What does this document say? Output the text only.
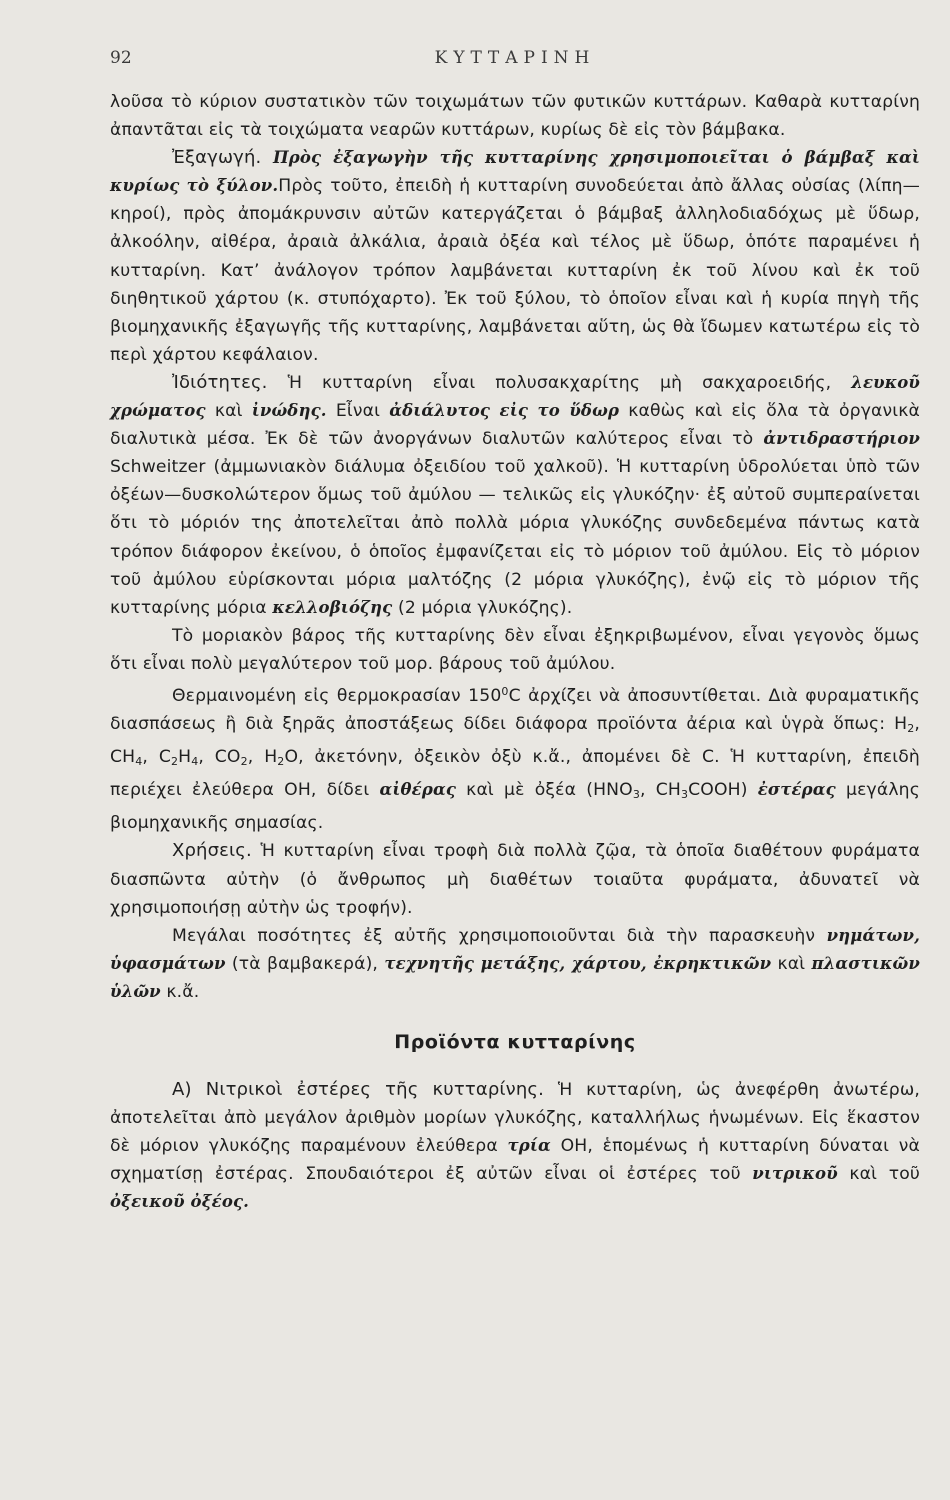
92	ΚΥΤΤΑΡΙΝΗ

λοῦσα τὸ κύριον συστατικὸν τῶν τοιχωμάτων τῶν φυτικῶν κυττάρων. Καθαρὰ κυτταρίνη ἀπαντᾶται εἰς τὰ τοιχώματα νεαρῶν κυττάρων, κυρίως δὲ εἰς τὸν βάμβακα.

Ἐξαγωγή. Πρὸς ἐξαγωγὴν τῆς κυτταρίνης χρησιμοποιεῖται ὁ βάμβαξ καὶ κυρίως τὸ ξύλον.Πρὸς τοῦτο, ἐπειδὴ ἡ κυτταρίνη συνοδεύεται ἀπὸ ἄλλας οὐσίας (λίπη—κηροί), πρὸς ἀπομάκρυνσιν αὐτῶν κατεργάζεται ὁ βάμβαξ ἀλληλοδιαδόχως μὲ ὕδωρ, ἀλκοόλην, αἰθέρα, ἀραιὰ ἀλκάλια, ἀραιὰ ὀξέα καὶ τέλος μὲ ὕδωρ, ὁπότε παραμένει ἡ κυτταρίνη. Κατ’ ἀνάλογον τρόπον λαμβάνεται κυτταρίνη ἐκ τοῦ λίνου καὶ ἐκ τοῦ διηθητικοῦ χάρτου (κ. στυπόχαρτο). Ἐκ τοῦ ξύλου, τὸ ὁποῖον εἶναι καὶ ἡ κυρία πηγὴ τῆς βιομηχανικῆς ἐξαγωγῆς τῆς κυτταρίνης, λαμβάνεται αὕτη, ὡς θὰ ἴδωμεν κατωτέρω εἰς τὸ περὶ χάρτου κεφάλαιον.

Ἰδιότητες. Ἡ κυτταρίνη εἶναι πολυσακχαρίτης μὴ σακχαροειδής, λευκοῦ χρώματος καὶ ἰνώδης. Εἶναι ἀδιάλυτος εἰς το ὕδωρ καθὼς καὶ εἰς ὅλα τὰ ὀργανικὰ διαλυτικὰ μέσα. Ἐκ δὲ τῶν ἀνοργάνων διαλυτῶν καλύτερος εἶναι τὸ ἀντιδραστήριον Schweitzer (ἀμμωνιακὸν διάλυμα ὀξειδίου τοῦ χαλκοῦ). Ἡ κυτταρίνη ὑδρολύεται ὑπὸ τῶν ὀξέων—δυσκολώτερον ὅμως τοῦ ἀμύλου — τελικῶς εἰς γλυκόζην· ἐξ αὐτοῦ συμπεραίνεται ὅτι τὸ μόριόν της ἀποτελεῖται ἀπὸ πολλὰ μόρια γλυκόζης συνδεδεμένα πάντως κατὰ τρόπον διάφορον ἐκείνου, ὁ ὁποῖος ἐμφανίζεται εἰς τὸ μόριον τοῦ ἀμύλου. Εἰς τὸ μόριον τοῦ ἀμύλου εὑρίσκονται μόρια μαλτόζης (2 μόρια γλυκόζης), ἐνῷ εἰς τὸ μόριον τῆς κυτταρίνης μόρια κελλοβιόζης (2 μόρια γλυκόζης).

Τὸ μοριακὸν βάρος τῆς κυτταρίνης δὲν εἶναι ἐξηκριβωμένον, εἶναι γεγονὸς ὅμως ὅτι εἶναι πολὺ μεγαλύτερον τοῦ μορ. βάρους τοῦ ἀμύλου.

Θερμαινομένη εἰς θερμοκρασίαν $150^0C$ ἀρχίζει νὰ ἀποσυντίθεται. Διὰ φυραματικῆς διασπάσεως ἢ διὰ ξηρᾶς ἀποστάξεως δίδει διάφορα προϊόντα ἀέρια καὶ ὑγρὰ ὅπως: $H_2$, $CH_4$, $C_2H_4$, $CO_2$, $H_2O$, ἀκετόνην, ὀξεικὸν ὀξὺ κ.ἄ., ἀπομένει δὲ C. Ἡ κυτταρίνη, ἐπειδὴ περιέχει ἐλεύθερα OH, δίδει αἰθέρας καὶ μὲ ὀξέα ($HNO_3$, $CH_3COOH$) ἐστέρας μεγάλης βιομηχανικῆς σημασίας.

Χρήσεις. Ἡ κυτταρίνη εἶναι τροφὴ διὰ πολλὰ ζῷα, τὰ ὁποῖα διαθέτουν φυράματα διασπῶντα αὐτὴν (ὁ ἄνθρωπος μὴ διαθέτων τοιαῦτα φυράματα, ἀδυνατεῖ νὰ χρησιμοποιήσῃ αὐτὴν ὡς τροφήν).

Μεγάλαι ποσότητες ἐξ αὐτῆς χρησιμοποιοῦνται διὰ τὴν παρασκευὴν νημάτων, ὑφασμάτων (τὰ βαμβακερά), τεχνητῆς μετάξης, χάρτου, ἐκρηκτικῶν καὶ πλαστικῶν ὑλῶν κ.ἄ.

Προϊόντα κυτταρίνης

Α) Νιτρικοὶ ἐστέρες τῆς κυτταρίνης. Ἡ κυτταρίνη, ὡς ἀνεφέρθη ἀνωτέρω, ἀποτελεῖται ἀπὸ μεγάλον ἀριθμὸν μορίων γλυκόζης, καταλλήλως ἡνωμένων. Εἰς ἕκαστον δὲ μόριον γλυκόζης παραμένουν ἐλεύθερα τρία OH, ἑπομένως ἡ κυτταρίνη δύναται νὰ σχηματίσῃ ἐστέρας. Σπουδαιότεροι ἐξ αὐτῶν εἶναι οἱ ἐστέρες τοῦ νιτρικοῦ καὶ τοῦ ὀξεικοῦ ὀξέος.
